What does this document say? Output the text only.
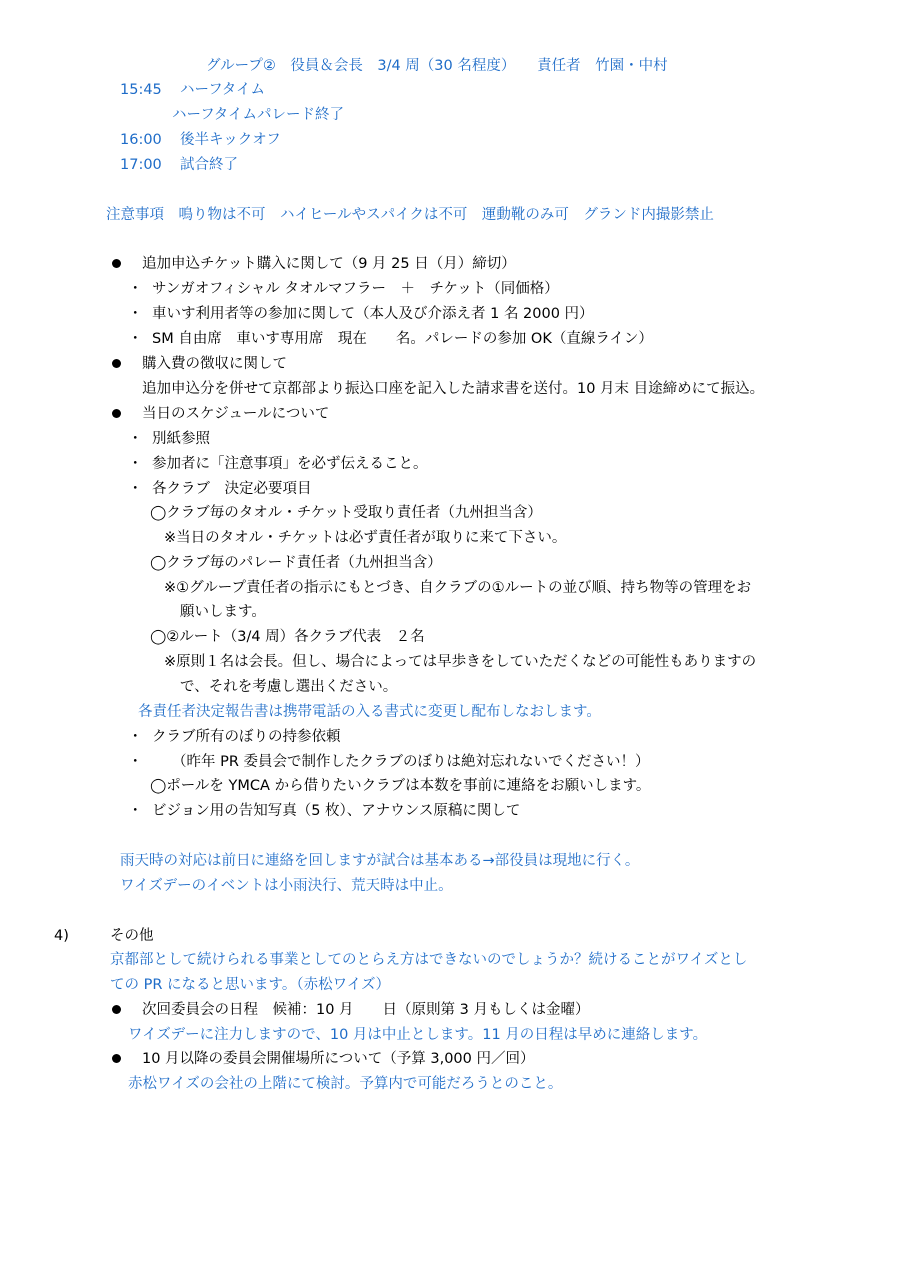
グループ②　役員＆会長　3/4 周（30 名程度）　　責任者　竹園・中村
15:45 ハーフタイム
ハーフタイムパレード終了
16:00 後半キックオフ
17:00 試合終了
注意事項　鳴り物は不可　ハイヒールやスパイクは不可　運動靴のみ可　グランド内撮影禁止
追加申込チケット購入に関して（9 月 25 日（月）締切）
・ サンガオフィシャル タオルマフラー　＋　チケット（同価格）
・ 車いす利用者等の参加に関して（本人及び介添え者 1 名 2000 円）
・ SM 自由席　車いす専用席　現在　　名。パレードの参加 OK（直線ライン）
購入費の徴収に関して
追加申込分を併せて京都部より振込口座を記入した請求書を送付。10 月末 目途締めにて振込。
当日のスケジュールについて
・ 別紙参照
・ 参加者に「注意事項」を必ず伝えること。
・ 各クラブ　決定必要項目
◯クラブ毎のタオル・チケット受取り責任者（九州担当含）
※当日のタオル・チケットは必ず責任者が取りに来て下さい。
◯クラブ毎のパレード責任者（九州担当含）
※①グループ責任者の指示にもとづき、自クラブの①ルートの並び順、持ち物等の管理をお
願いします。
◯②ルート（3/4 周）各クラブ代表　２名
※原則１名は会長。但し、場合によっては早歩きをしていただくなどの可能性もありますの
で、それを考慮し選出ください。
各責任者決定報告書は携帯電話の入る書式に変更し配布しなおします。
・ クラブ所有のぼりの持参依頼
・ （昨年 PR 委員会で制作したクラブのぼりは絶対忘れないでください！）
◯ポールを YMCA から借りたいクラブは本数を事前に連絡をお願いします。
・ ビジョン用の告知写真（5 枚）、アナウンス原稿に関して
雨天時の対応は前日に連絡を回しますが試合は基本ある→部役員は現地に行く。
ワイズデーのイベントは小雨決行、荒天時は中止。
4)	その他
京都部として続けられる事業としてのとらえ方はできないのでしょうか？続けることがワイズとし
ての PR になると思います。（赤松ワイズ）
次回委員会の日程　候補：10 月　　日（原則第 3 月もしくは金曜）
ワイズデーに注力しますので、10 月は中止とします。11 月の日程は早めに連絡します。
10 月以降の委員会開催場所について（予算 3,000 円／回）
赤松ワイズの会社の上階にて検討。予算内で可能だろうとのこと。
